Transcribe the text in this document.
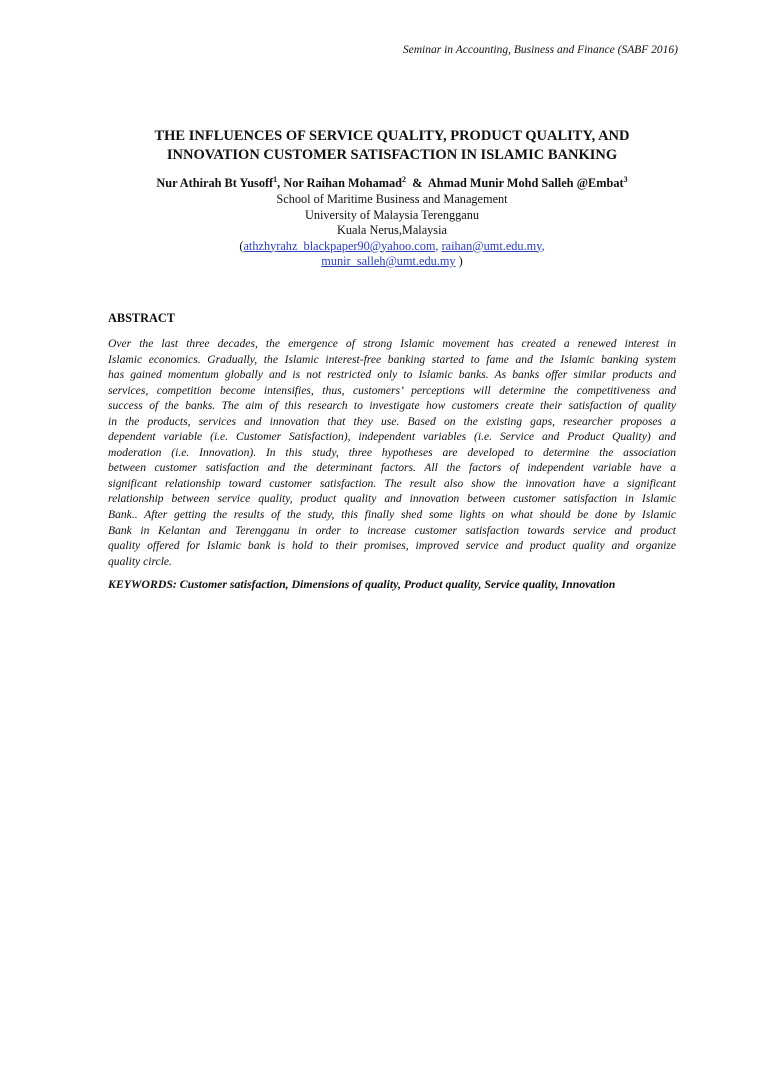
Seminar in Accounting, Business and Finance (SABF 2016)
THE INFLUENCES OF SERVICE QUALITY, PRODUCT QUALITY, AND
INNOVATION CUSTOMER SATISFACTION IN ISLAMIC BANKING
Nur Athirah Bt Yusoff$^1$, Nor Raihan Mohamad$^2$  &  Ahmad Munir Mohd Salleh @Embat$^3$
School of Maritime Business and Management
University of Malaysia Terengganu
Kuala Nerus,Malaysia
(athzhyrahz_blackpaper90@yahoo.com, raihan@umt.edu.my,
munir_salleh@umt.edu.my )
ABSTRACT
Over the last three decades, the emergence of strong Islamic movement has created a renewed interest in
Islamic economics. Gradually, the Islamic interest-free banking started to fame and the Islamic banking system
has gained momentum globally and is not restricted only to Islamic banks. As banks offer similar products and
services, competition become intensifies, thus, customers’ perceptions will determine the competitiveness and
success of the banks. The aim of this research to investigate how customers create their satisfaction of quality
in the products, services and innovation that they use. Based on the existing gaps, researcher proposes a
dependent variable (i.e. Customer Satisfaction), independent variables (i.e. Service and Product Quality) and
moderation (i.e. Innovation). In this study, three hypotheses are developed to determine the association
between customer satisfaction and the determinant factors. All the factors of independent variable have a
significant relationship toward customer satisfaction. The result also show the innovation have a significant
relationship between service quality, product quality and innovation between customer satisfaction in Islamic
Bank.. After getting the results of the study, this finally shed some lights on what should be done by Islamic
Bank in Kelantan and Terengganu in order to increase customer satisfaction towards service and product
quality offered for Islamic bank is hold to their promises, improved service and product quality and organize
quality circle.
KEYWORDS: Customer satisfaction, Dimensions of quality, Product quality, Service quality, Innovation
